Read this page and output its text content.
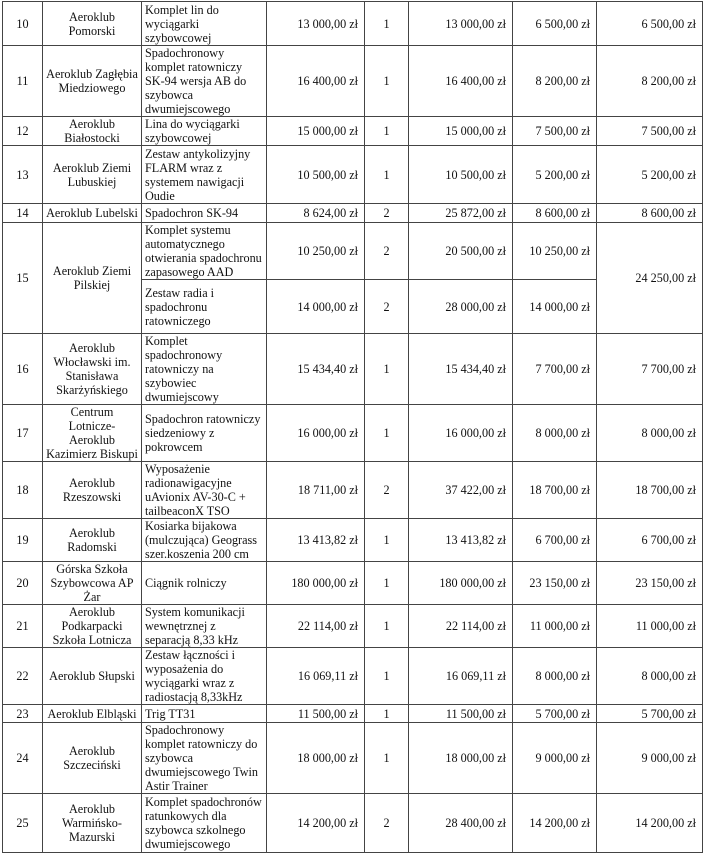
10	Aeroklub Pomorski	Komplet lin do wyciągarki szybowcowej	13 000,00 zł	1	13 000,00 zł	6 500,00 zł	6 500,00 zł
11	Aeroklub Zagłębia Miedziowego	Spadochronowy komplet ratowniczy SK-94 wersja AB do szybowca dwumiejscowego	16 400,00 zł	1	16 400,00 zł	8 200,00 zł	8 200,00 zł
12	Aeroklub Białostocki	Lina do wyciągarki szybowcowej	15 000,00 zł	1	15 000,00 zł	7 500,00 zł	7 500,00 zł
13	Aeroklub Ziemi Lubuskiej	Zestaw antykolizyjny FLARM wraz z systemem nawigacji Oudie	10 500,00 zł	1	10 500,00 zł	5 200,00 zł	5 200,00 zł
14	Aeroklub Lubelski	Spadochron SK-94	8 624,00 zł	2	25 872,00 zł	8 600,00 zł	8 600,00 zł
15	Aeroklub Ziemi Pilskiej	Komplet systemu automatycznego otwierania spadochronu zapasowego AAD	10 250,00 zł	2	20 500,00 zł	10 250,00 zł	24 250,00 zł
		Zestaw radia i spadochronu ratowniczego	14 000,00 zł	2	28 000,00 zł	14 000,00 zł	
16	Aeroklub Włocławski im. Stanisława Skarżyńskiego	Komplet spadochronowy ratowniczy na szybowiec dwumiejscowy	15 434,40 zł	1	15 434,40 zł	7 700,00 zł	7 700,00 zł
17	Centrum Lotnicze-Aeroklub Kazimierz Biskupi	Spadochron ratowniczy siedzeniowy z pokrowcem	16 000,00 zł	1	16 000,00 zł	8 000,00 zł	8 000,00 zł
18	Aeroklub Rzeszowski	Wyposażenie radionawigacyjne uAvionix AV-30-C + tailbeaconX TSO	18 711,00 zł	2	37 422,00 zł	18 700,00 zł	18 700,00 zł
19	Aeroklub Radomski	Kosiarka bijakowa (mulczująca) Geograss szer.koszenia 200 cm	13 413,82 zł	1	13 413,82 zł	6 700,00 zł	6 700,00 zł
20	Górska Szkoła Szybowcowa AP Żar	Ciągnik rolniczy	180 000,00 zł	1	180 000,00 zł	23 150,00 zł	23 150,00 zł
21	Aeroklub Podkarpacki Szkoła Lotnicza	System komunikacji wewnętrznej z separacją 8,33 kHz	22 114,00 zł	1	22 114,00 zł	11 000,00 zł	11 000,00 zł
22	Aeroklub Słupski	Zestaw łączności i wyposażenia do wyciągarki wraz z radiostacją 8,33kHz	16 069,11 zł	1	16 069,11 zł	8 000,00 zł	8 000,00 zł
23	Aeroklub Elbląski	Trig TT31	11 500,00 zł	1	11 500,00 zł	5 700,00 zł	5 700,00 zł
24	Aeroklub Szczeciński	Spadochronowy komplet ratowniczy do szybowca dwumiejscowego Twin Astir Trainer	18 000,00 zł	1	18 000,00 zł	9 000,00 zł	9 000,00 zł
25	Aeroklub Warmińsko-Mazurski	Komplet spadochronów ratunkowych dla szybowca szkolnego dwumiejscowego	14 200,00 zł	2	28 400,00 zł	14 200,00 zł	14 200,00 zł
